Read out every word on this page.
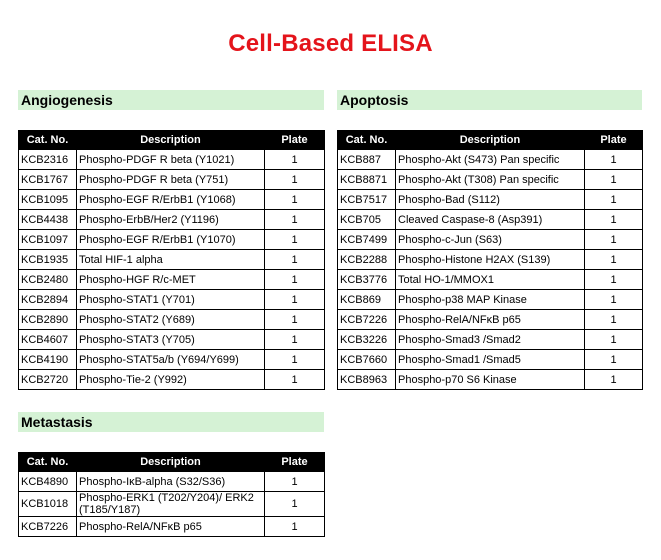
Cell-Based ELISA
Angiogenesis
Cat. No.	Description	Plate
KCB2316	Phospho-PDGF R beta (Y1021)	1
KCB1767	Phospho-PDGF R beta (Y751)	1
KCB1095	Phospho-EGF R/ErbB1 (Y1068)	1
KCB4438	Phospho-ErbB/Her2 (Y1196)	1
KCB1097	Phospho-EGF R/ErbB1 (Y1070)	1
KCB1935	Total HIF-1 alpha	1
KCB2480	Phospho-HGF R/c-MET	1
KCB2894	Phospho-STAT1 (Y701)	1
KCB2890	Phospho-STAT2 (Y689)	1
KCB4607	Phospho-STAT3 (Y705)	1
KCB4190	Phospho-STAT5a/b (Y694/Y699)	1
KCB2720	Phospho-Tie-2 (Y992)	1
Apoptosis
Cat. No.	Description	Plate
KCB887	Phospho-Akt (S473) Pan specific	1
KCB8871	Phospho-Akt (T308) Pan specific	1
KCB7517	Phospho-Bad (S112)	1
KCB705	Cleaved Caspase-8 (Asp391)	1
KCB7499	Phospho-c-Jun (S63)	1
KCB2288	Phospho-Histone H2AX (S139)	1
KCB3776	Total HO-1/MMOX1	1
KCB869	Phospho-p38 MAP Kinase	1
KCB7226	Phospho-RelA/NFκB p65	1
KCB3226	Phospho-Smad3 /Smad2	1
KCB7660	Phospho-Smad1 /Smad5	1
KCB8963	Phospho-p70 S6 Kinase	1
Metastasis
Cat. No.	Description	Plate
KCB4890	Phospho-IκB-alpha (S32/S36)	1
KCB1018	Phospho-ERK1 (T202/Y204)/ ERK2 (T185/Y187)	1
KCB7226	Phospho-RelA/NFκB p65	1
